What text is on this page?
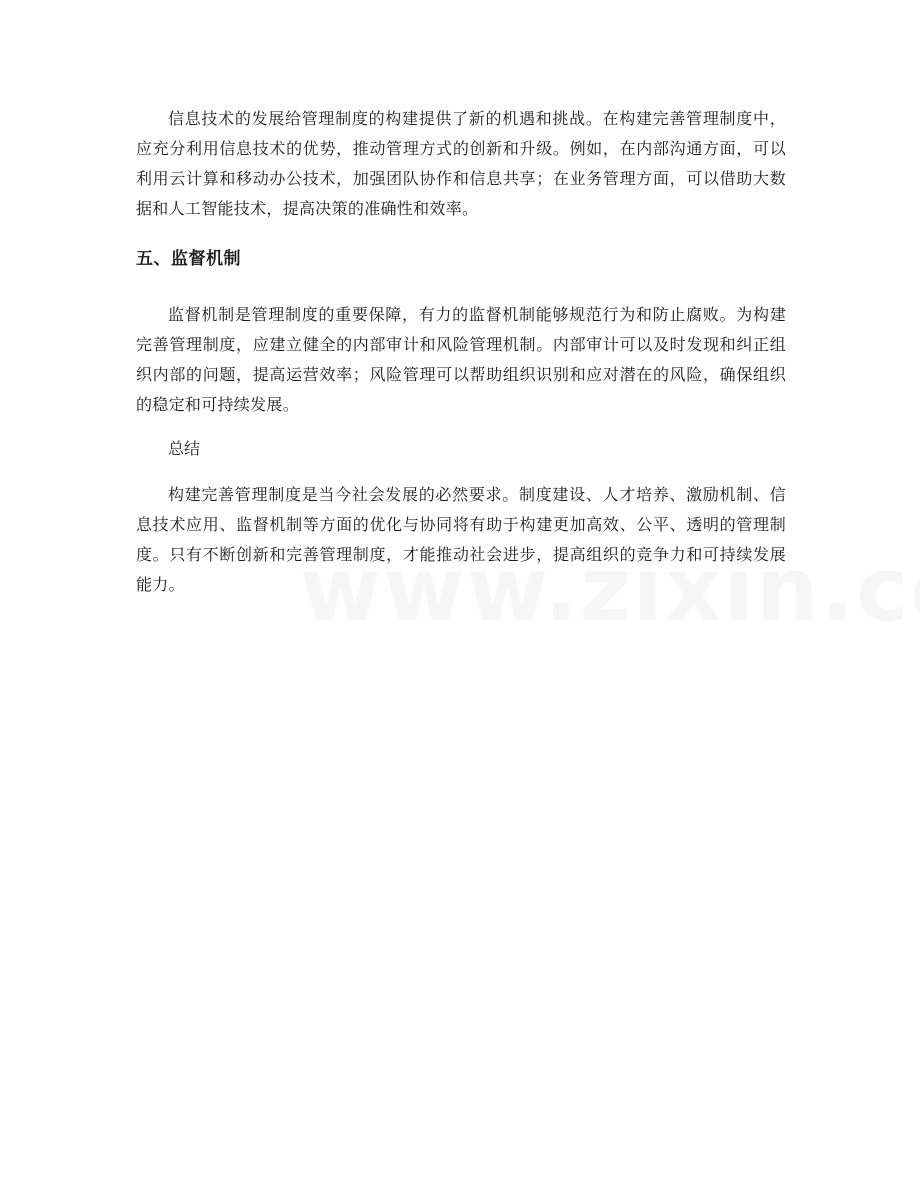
信息技术的发展给管理制度的构建提供了新的机遇和挑战。在构建完善管理制度中，应充分利用信息技术的优势，推动管理方式的创新和升级。例如，在内部沟通方面，可以利用云计算和移动办公技术，加强团队协作和信息共享；在业务管理方面，可以借助大数据和人工智能技术，提高决策的准确性和效率。

五、监督机制

监督机制是管理制度的重要保障，有力的监督机制能够规范行为和防止腐败。为构建完善管理制度，应建立健全的内部审计和风险管理机制。内部审计可以及时发现和纠正组织内部的问题，提高运营效率；风险管理可以帮助组织识别和应对潜在的风险，确保组织的稳定和可持续发展。

总结

构建完善管理制度是当今社会发展的必然要求。制度建设、人才培养、激励机制、信息技术应用、监督机制等方面的优化与协同将有助于构建更加高效、公平、透明的管理制度。只有不断创新和完善管理制度，才能推动社会进步，提高组织的竞争力和可持续发展能力。
